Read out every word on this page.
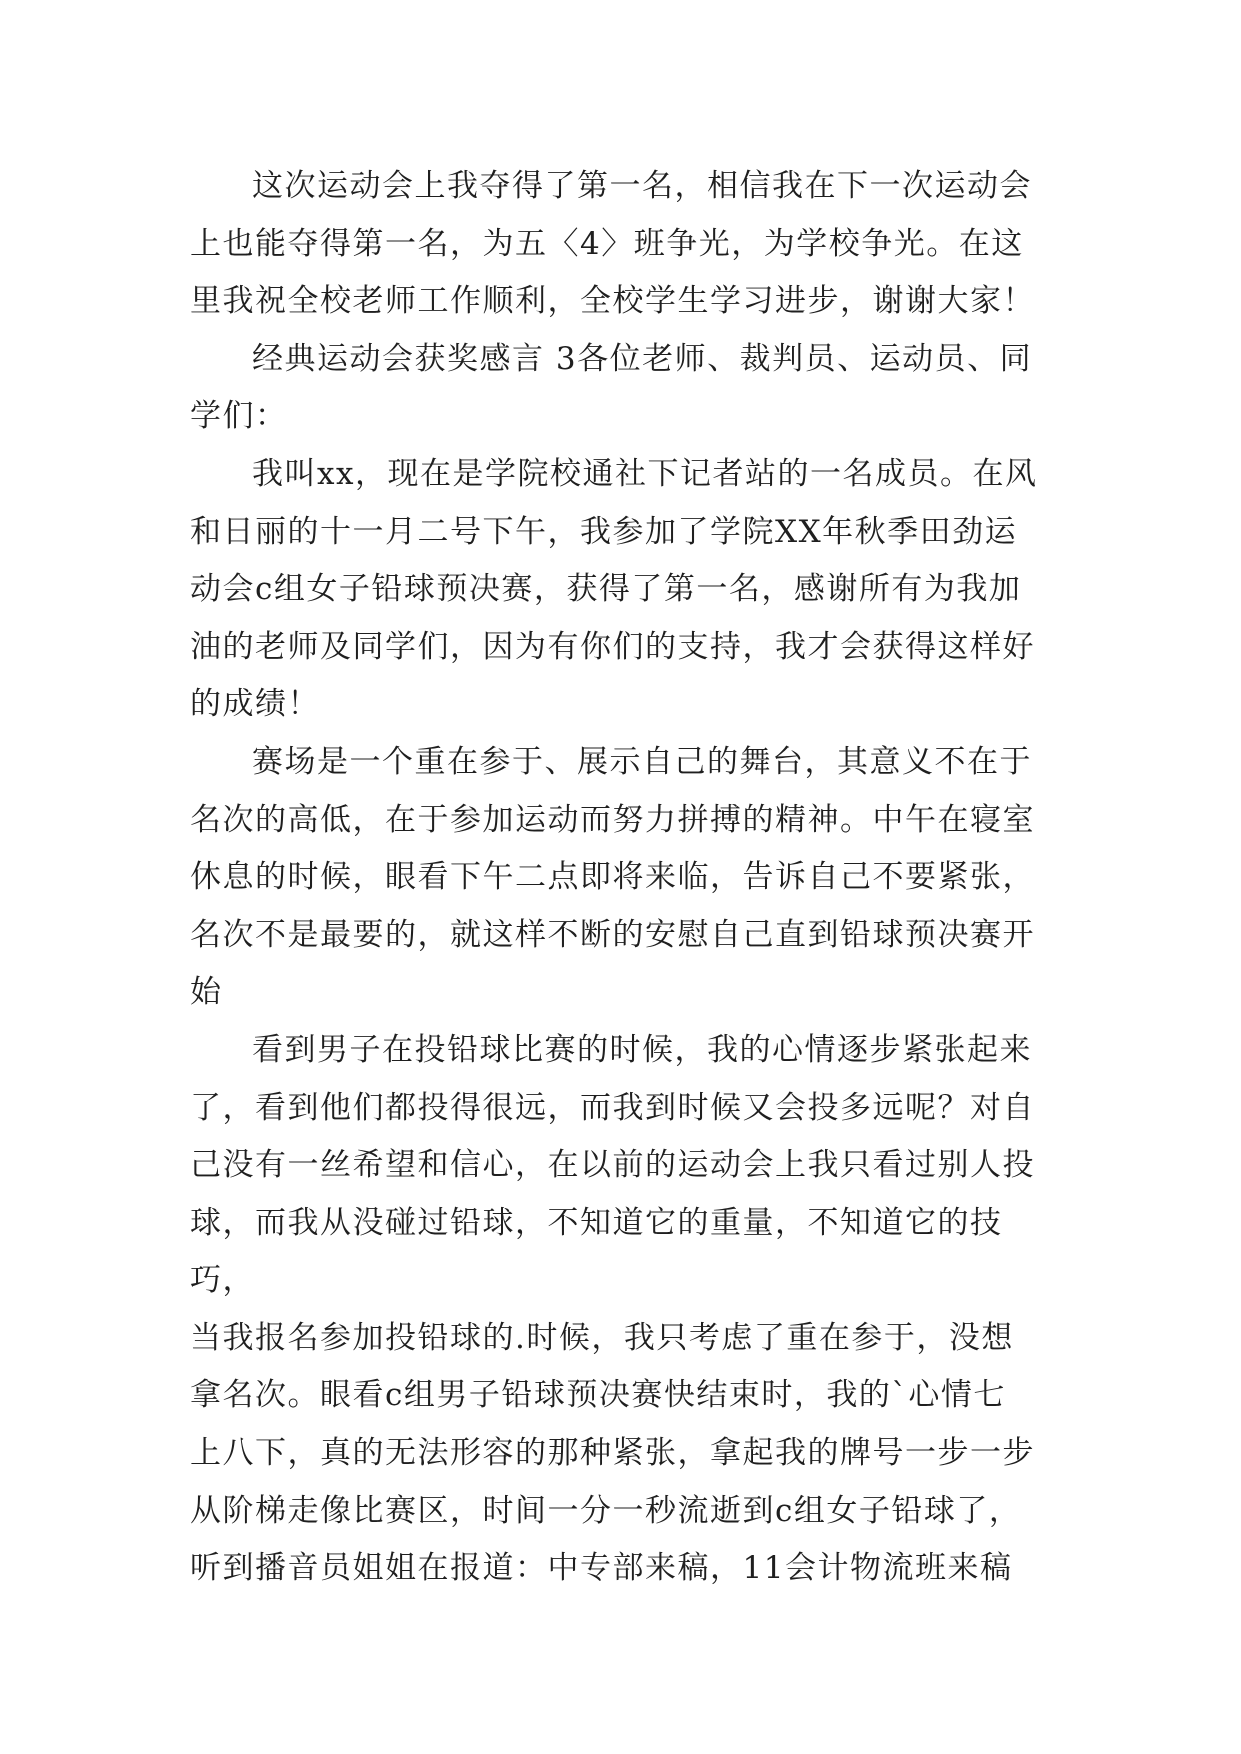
这次运动会上我夺得了第一名，相信我在下一次运动会
上也能夺得第一名，为五〈4〉班争光，为学校争光。在这
里我祝全校老师工作顺利，全校学生学习进步，谢谢大家！

经典运动会获奖感言 3各位老师、裁判员、运动员、同
学们：

我叫xx，现在是学院校通社下记者站的一名成员。在风
和日丽的十一月二号下午，我参加了学院XX年秋季田劲运
动会c组女子铅球预决赛，获得了第一名，感谢所有为我加
油的老师及同学们，因为有你们的支持，我才会获得这样好
的成绩！

赛场是一个重在参于、展示自己的舞台，其意义不在于
名次的高低，在于参加运动而努力拼搏的精神。中午在寝室
休息的时候，眼看下午二点即将来临，告诉自己不要紧张，
名次不是最要的，就这样不断的安慰自己直到铅球预决赛开
始

看到男子在投铅球比赛的时候，我的心情逐步紧张起来
了，看到他们都投得很远，而我到时候又会投多远呢？对自
己没有一丝希望和信心，在以前的运动会上我只看过别人投
球，而我从没碰过铅球，不知道它的重量，不知道它的技巧，
当我报名参加投铅球的.时候，我只考虑了重在参于，没想
拿名次。眼看c组男子铅球预决赛快结束时，我的`心情七
上八下，真的无法形容的那种紧张，拿起我的牌号一步一步
从阶梯走像比赛区，时间一分一秒流逝到c组女子铅球了，
听到播音员姐姐在报道：中专部来稿，11会计物流班来稿
